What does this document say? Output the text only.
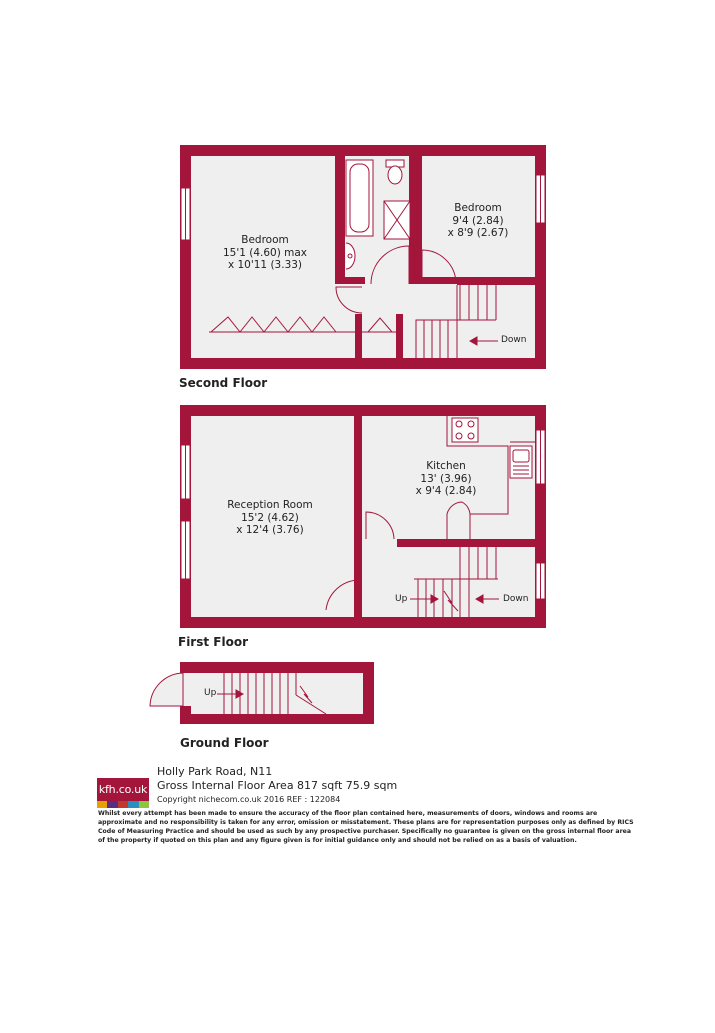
Bedroom
15'1 (4.60) max
x 10'11 (3.33)
Bedroom
9'4 (2.84)
x 8'9 (2.67)
Kitchen
13' (3.96)
x 9'4 (2.84)
Reception Room
15'2 (4.62)
x 12'4 (3.76)
Down
Up	Down
Up
Second Floor
First Floor
Ground Floor
kfh.co.uk
Holly Park Road, N11
Gross Internal Floor Area 817 sqft 75.9 sqm
Copyright nichecom.co.uk 2016 REF : 122084
Whilst every attempt has been made to ensure the accuracy of the floor plan contained here, measurements of doors, windows and rooms are approximate and no responsibility is taken for any error, omission or misstatement. These plans are for representation purposes only as defined by RICS Code of Measuring Practice and should be used as such by any prospective purchaser. Specifically no guarantee is given on the gross internal floor area of the property if quoted on this plan and any figure given is for initial guidance only and should not be relied on as a basis of valuation.
